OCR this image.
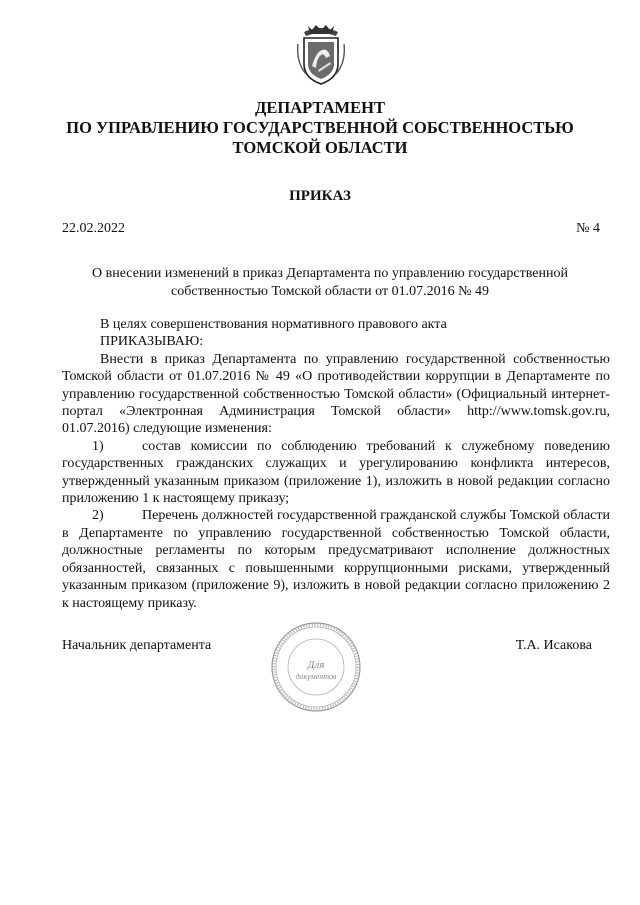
ДЕПАРТАМЕНТ
ПО УПРАВЛЕНИЮ ГОСУДАРСТВЕННОЙ СОБСТВЕННОСТЬЮ
ТОМСКОЙ ОБЛАСТИ
ПРИКАЗ
22.02.2022	№ 4
О внесении изменений в приказ Департамента по управлению государственной
собственностью Томской области от 01.07.2016 № 49

В целях совершенствования нормативного правового акта

ПРИКАЗЫВАЮ:

Внести в приказ Департамента по управлению государственной собственностью Томской области от 01.07.2016 № 49 «О противодействии коррупции в Департаменте по управлению государственной собственностью Томской области» (Официальный интернет-портал «Электронная Администрация Томской области» http://www.tomsk.gov.ru, 01.07.2016) следующие изменения:

1)	состав комиссии по соблюдению требований к служебному поведению государственных гражданских служащих и урегулированию конфликта интересов, утвержденный указанным приказом (приложение 1), изложить в новой редакции согласно приложению 1 к настоящему приказу;

2)	Перечень должностей государственной гражданской службы Томской области в Департаменте по управлению государственной собственностью Томской области, должностные регламенты по которым предусматривают исполнение должностных обязанностей, связанных с повышенными коррупционными рисками, утвержденный указанным приказом (приложение 9), изложить в новой редакции согласно приложению 2 к настоящему приказу.

Начальник департамента	Т.А. Исакова
Для
документов
